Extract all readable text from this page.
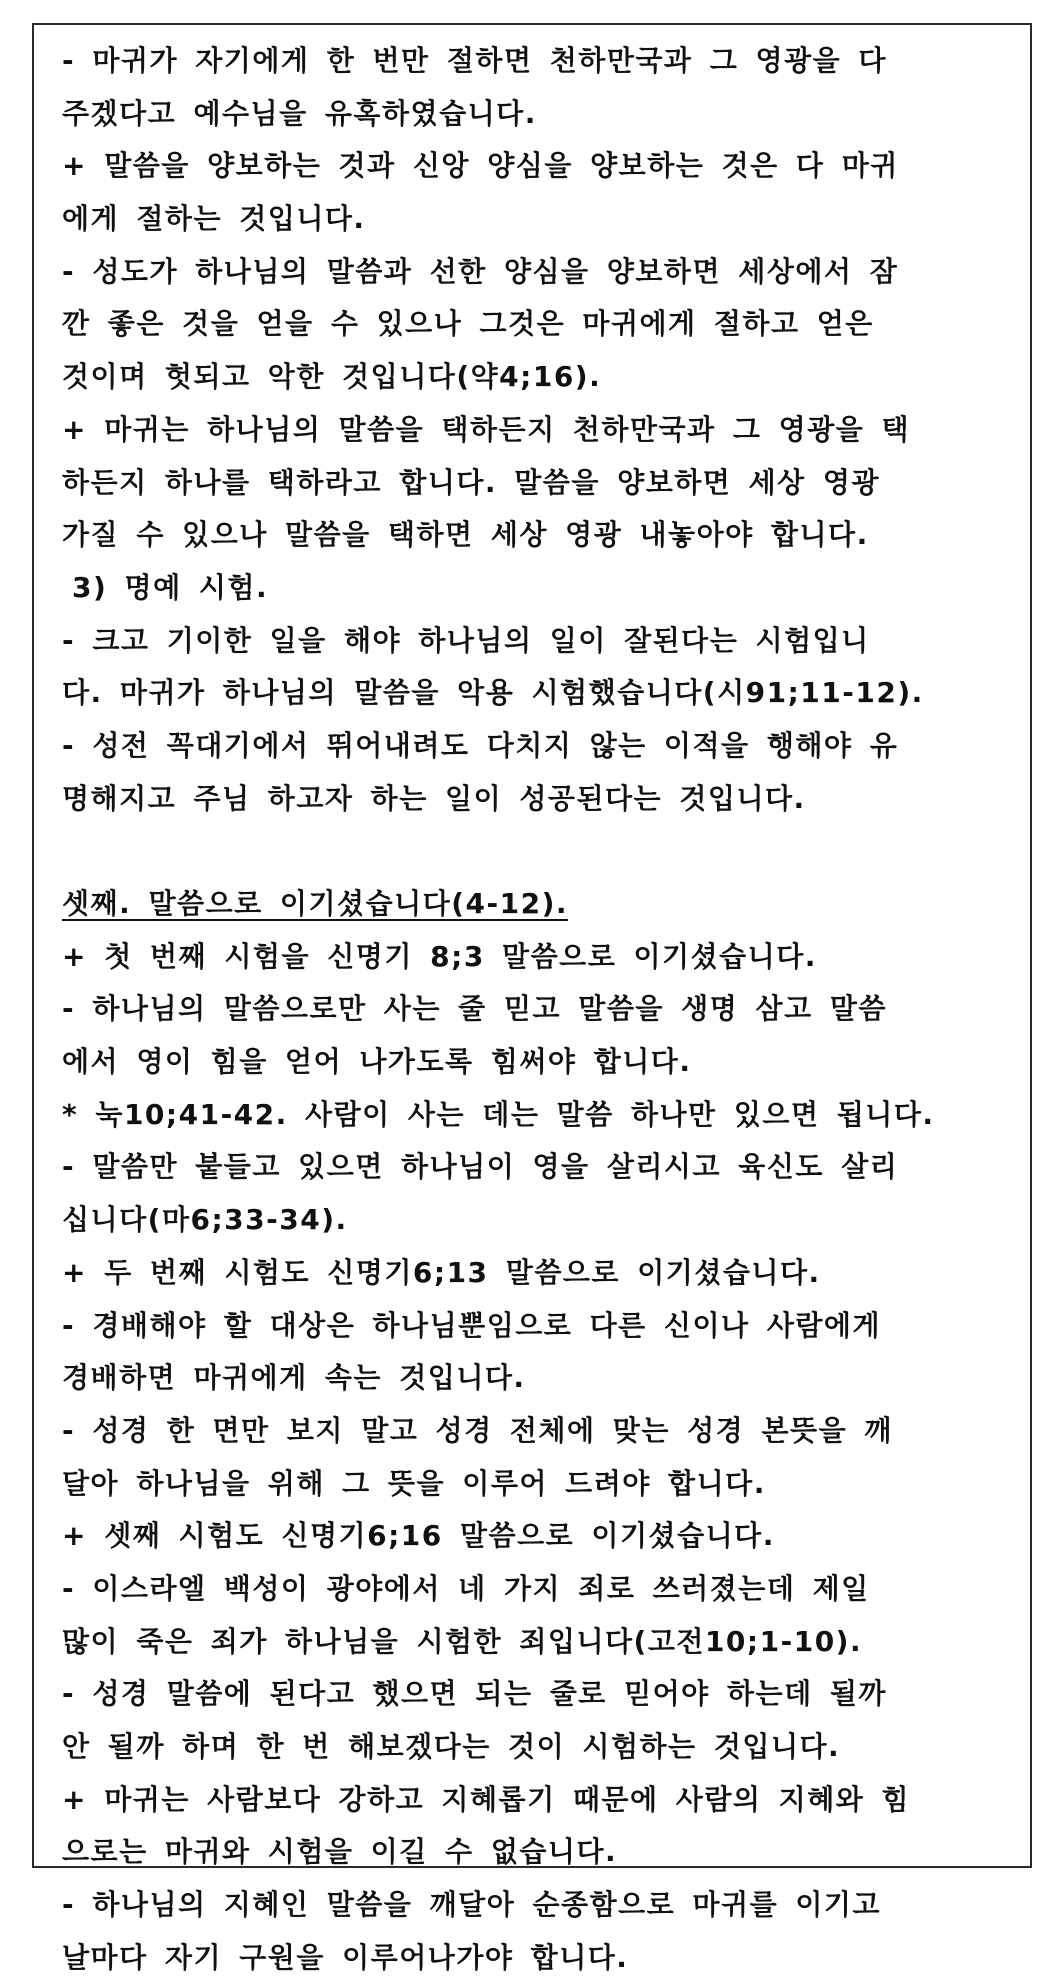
- 마귀가 자기에게 한 번만 절하면 천하만국과 그 영광을 다
주겠다고 예수님을 유혹하였습니다.
+ 말씀을 양보하는 것과 신앙 양심을 양보하는 것은 다 마귀
에게 절하는 것입니다.
- 성도가 하나님의 말씀과 선한 양심을 양보하면 세상에서 잠
깐 좋은 것을 얻을 수 있으나 그것은 마귀에게 절하고 얻은
것이며 헛되고 악한 것입니다(약4;16).
+ 마귀는 하나님의 말씀을 택하든지 천하만국과 그 영광을 택
하든지 하나를 택하라고 합니다. 말씀을 양보하면 세상 영광
가질 수 있으나 말씀을 택하면 세상 영광 내놓아야 합니다.
3) 명예 시험.
- 크고 기이한 일을 해야 하나님의 일이 잘된다는 시험입니
다. 마귀가 하나님의 말씀을 악용 시험했습니다(시91;11-12).
- 성전 꼭대기에서 뛰어내려도 다치지 않는 이적을 행해야 유
명해지고 주님 하고자 하는 일이 성공된다는 것입니다.
셋째. 말씀으로 이기셨습니다(4-12).
+ 첫 번째 시험을 신명기 8;3 말씀으로 이기셨습니다.
- 하나님의 말씀으로만 사는 줄 믿고 말씀을 생명 삼고 말씀
에서 영이 힘을 얻어 나가도록 힘써야 합니다.
* 눅10;41-42. 사람이 사는 데는 말씀 하나만 있으면 됩니다.
- 말씀만 붙들고 있으면 하나님이 영을 살리시고 육신도 살리
십니다(마6;33-34).
+ 두 번째 시험도 신명기6;13 말씀으로 이기셨습니다.
- 경배해야 할 대상은 하나님뿐임으로 다른 신이나 사람에게
경배하면 마귀에게 속는 것입니다.
- 성경 한 면만 보지 말고 성경 전체에 맞는 성경 본뜻을 깨
달아 하나님을 위해 그 뜻을 이루어 드려야 합니다.
+ 셋째 시험도 신명기6;16 말씀으로 이기셨습니다.
- 이스라엘 백성이 광야에서 네 가지 죄로 쓰러졌는데 제일
많이 죽은 죄가 하나님을 시험한 죄입니다(고전10;1-10).
- 성경 말씀에 된다고 했으면 되는 줄로 믿어야 하는데 될까
안 될까 하며 한 번 해보겠다는 것이 시험하는 것입니다.
+ 마귀는 사람보다 강하고 지혜롭기 때문에 사람의 지혜와 힘
으로는 마귀와 시험을 이길 수 없습니다.
- 하나님의 지혜인 말씀을 깨달아 순종함으로 마귀를 이기고
날마다 자기 구원을 이루어나가야 합니다.
